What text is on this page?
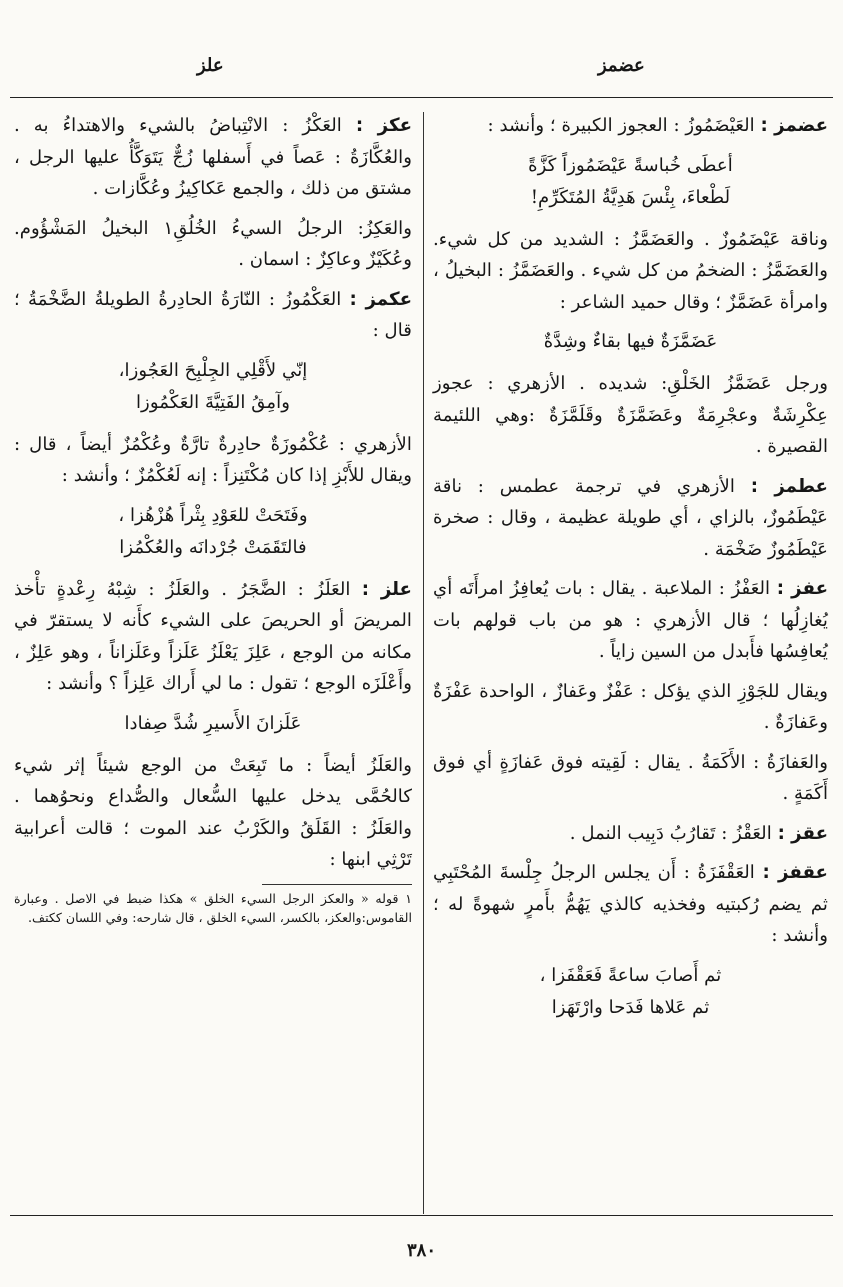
عضمز
علز

عضمز : العَيْضَمُوزُ : العجوز الكبيرة ؛ وأنشد :

أعطَى خُباسةً عَيْضَمُوزاً كَزَّةً
لَطْعاءَ، بِئْسَ هَدِيَّةُ المُتَكَرِّمِ!

وناقة عَيْضَمُوزٌ . والعَضَمَّزُ : الشديد من كل شيء. والعَضَمَّزُ : الضخمُ من كل شيء . والعَضَمَّزُ : البخيلُ ، وامرأة عَضَمَّزٌ ؛ وقال حميد الشاعر :

عَضَمَّزَةٌ فيها بقاءٌ وشِدَّةٌ

ورجل عَضَمَّزُ الخَلْقِ: شديده . الأزهري : عجوز عِكْرِشَةٌ وعجْرِمَةٌ وعَضَمَّزَةٌ وقَلَمَّزَةٌ :وهي اللئيمة القصيرة .

عطمز : الأزهري في ترجمة عطمس : ناقة عَيْطَمُوزٌ، بالزاي ، أي طويلة عظيمة ، وقال : صخرة عَيْطَمُوزٌ ضَخْمَة .

عفز : العَفْزُ : الملاعبة . يقال : بات يُعافِزُ امرأَتَه أي يُغازِلُها ؛ قال الأزهري : هو من باب قولهم بات يُعافِسُها فأَبدل من السين زاياً .

ويقال للجَوْزِ الذي يؤكل : عَفْزٌ وعَفازٌ ، الواحدة عَفْزَةٌ وعَفازَةٌ .

والعَفازَةُ : الأَكَمَةُ . يقال : لَقِيته فوق عَفازَةٍ أي فوق أَكَمَةٍ .

عقز : العَقْزُ : تَقارُبُ دَبِيب النمل .

عقفز : العَقْفَزَةُ : أَن يجلس الرجلُ جِلْسةَ المُحْتَبِي ثم يضم رُكبتيه وفخذيه كالذي يَهُمُّ بأَمرٍ شهوةً له ؛ وأنشد :

ثم أَصابَ ساعةً فَعَقْفَزا ،
ثم عَلاها فَدَحا وارْتَهَزا

عكز : العَكْزُ : الانْتِباضُ بالشيء والاهتداءُ به . والعُكَّازَةُ : عَصاً في أَسفلها زُجٌّ يَتَوَكَّأُ عليها الرجل ، مشتق من ذلك ، والجمع عَكاكِيزُ وعُكَّازات .

والعَكِزُ: الرجلُ السيءُ الخُلُقِ١ البخيلُ المَشْؤُوم. وعُكَيْزٌ وعاكِزٌ : اسمان .

عكمز : العَكْمُوزُ : النّارَةُ الحادِرةُ الطويلةُ الضَّخْمَةُ ؛ قال :

إنّي لأَقْلِي الجِلْبِحَ العَجُوزا،
وآمِقُ الفَتِيَّةَ العَكْمُوزا

الأزهري : عُكْمُوزَةٌ حادِرةٌ تارَّةٌ وعُكْمُزٌ أيضاً ، قال : ويقال للأَبْزِ إذا كان مُكْتَنِزاً : إنه لَعُكْمُزٌ ؛ وأنشد :

وفَتَحَتْ للعَوْدِ بِثْراً هُزْهُزا ،
فالتَقَمَتْ جُرْدانَه والعُكْمُزا

علز : العَلَزُ : الضَّجَرُ . والعَلَزُ : شِبْهُ رِعْدةٍ تأْخذ المريضَ أو الحريصَ على الشيء كأَنه لا يستقرّ في مكانه من الوجع ، عَلِزَ يَعْلَزُ عَلَزاً وعَلَزاناً ، وهو عَلِزٌ ، وأَعْلَزَه الوجع ؛ تقول : ما لي أَراك عَلِزاً ؟ وأنشد :

عَلَزانَ الأَسيرِ شُدَّ صِفادا

والعَلَزُ أيضاً : ما تَبِعَتْ من الوجع شيئاً إثر شيء كالحُمَّى يدخل عليها السُّعال والصُّداع ونحوُهما . والعَلَزُ : القَلَقُ والكَرْبُ عند الموت ؛ قالت أعرابية تَرْثِي ابنها :

١ قوله « والعكز الرجل السيء الخلق » هكذا ضبط في الاصل . وعبارة القاموس:والعكز، بالكسر، السيء الخلق ، قال شارحه: وفي اللسان ككتف.
٣٨٠
